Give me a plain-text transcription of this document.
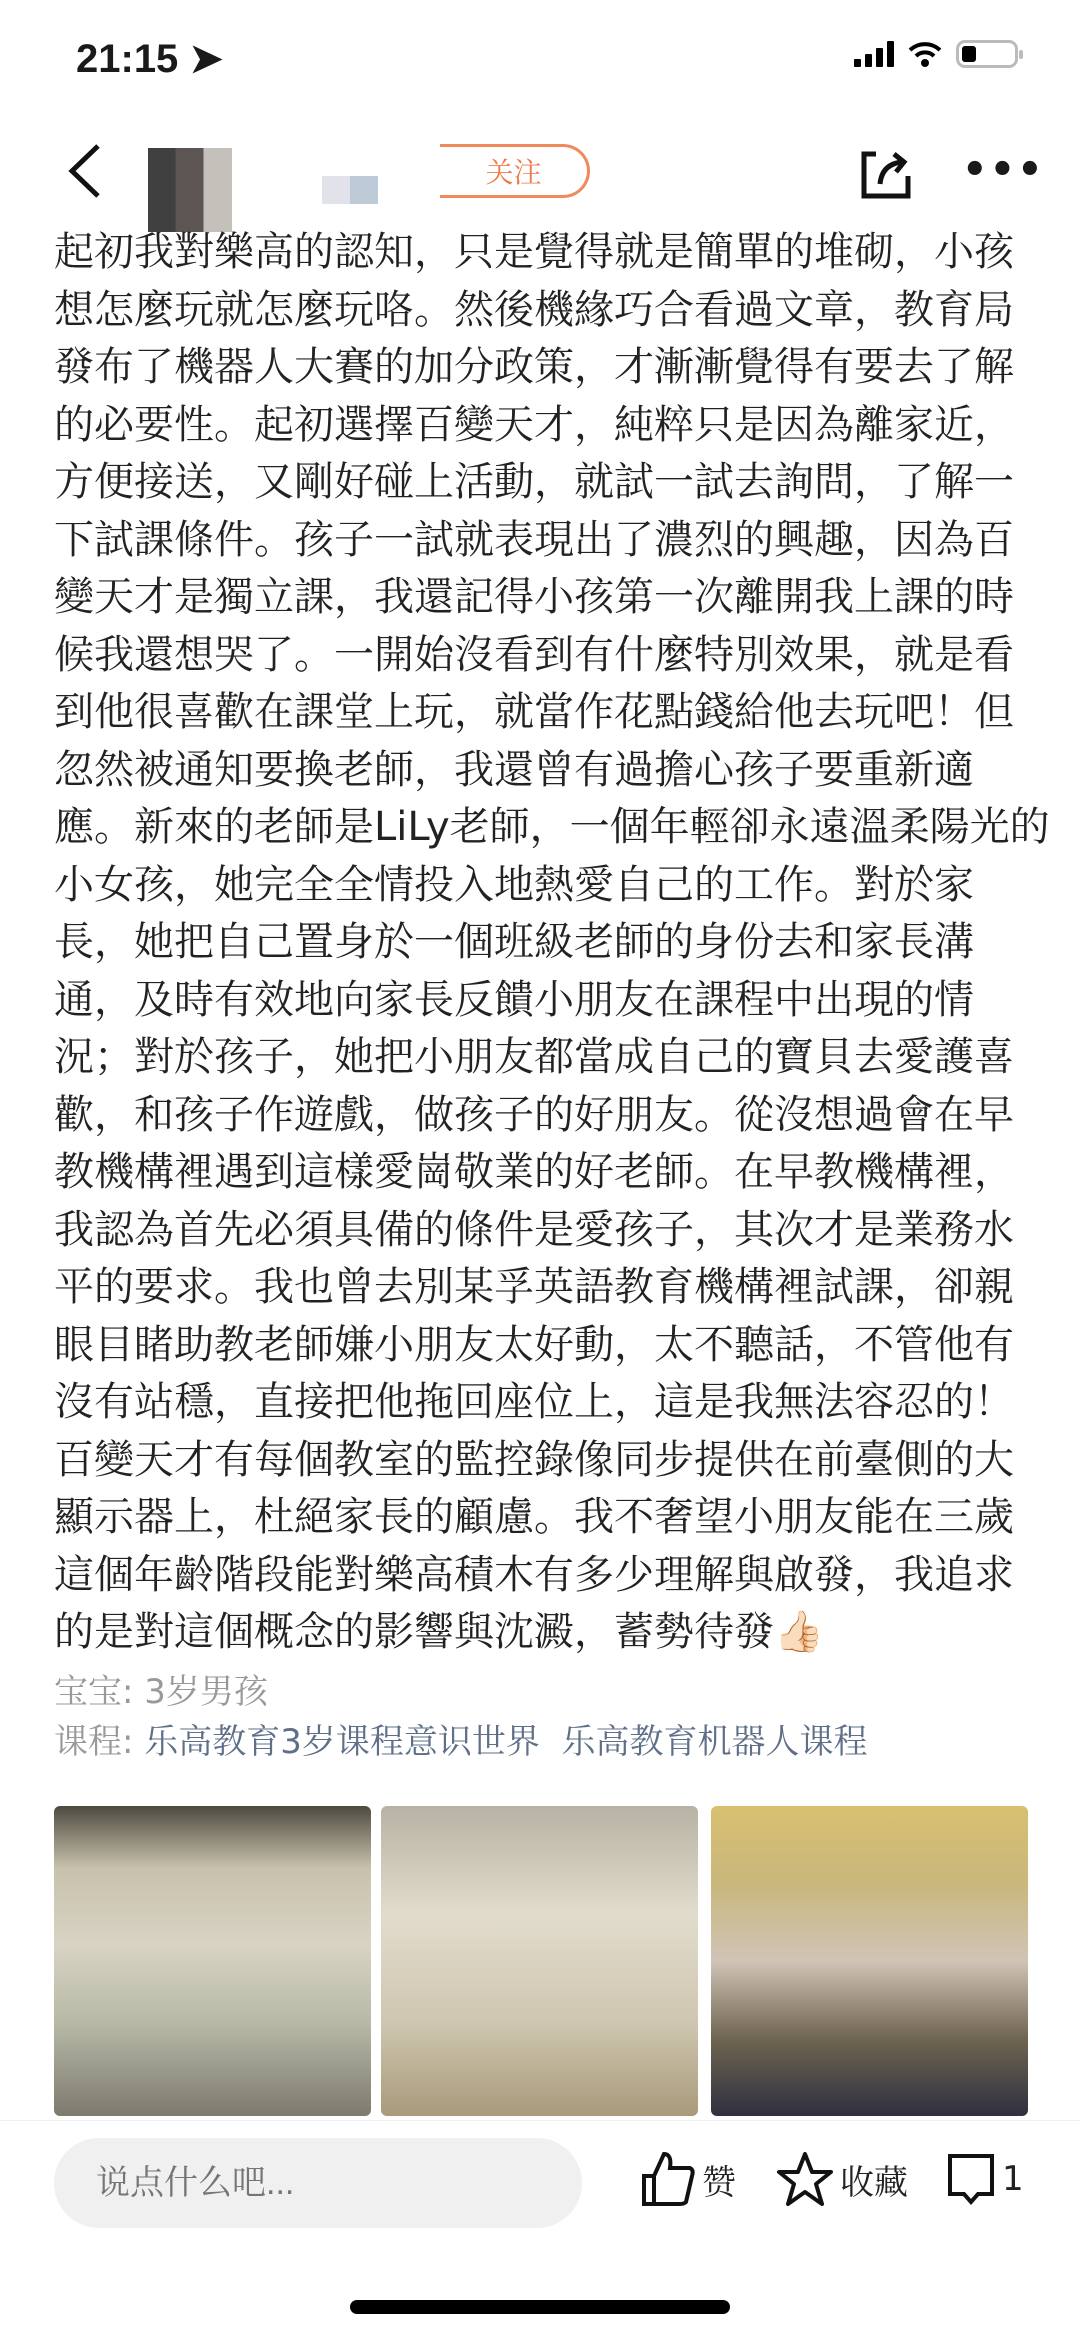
21:15 ➤
关注	•••
起初我對樂高的認知，只是覺得就是簡單的堆砌，小孩
想怎麼玩就怎麼玩咯。然後機緣巧合看過文章，教育局
發布了機器人大賽的加分政策，才漸漸覺得有要去了解
的必要性。起初選擇百變天才，純粹只是因為離家近，
方便接送，又剛好碰上活動，就試一試去詢問，了解一
下試課條件。孩子一試就表現出了濃烈的興趣，因為百
變天才是獨立課，我還記得小孩第一次離開我上課的時
候我還想哭了。一開始沒看到有什麼特別效果，就是看
到他很喜歡在課堂上玩，就當作花點錢給他去玩吧！但
忽然被通知要換老師，我還曾有過擔心孩子要重新適
應。新來的老師是LiLy老師，一個年輕卻永遠溫柔陽光的
小女孩，她完全全情投入地熱愛自己的工作。對於家
長，她把自己置身於一個班級老師的身份去和家長溝
通，及時有效地向家長反饋小朋友在課程中出現的情
況；對於孩子，她把小朋友都當成自己的寶貝去愛護喜
歡，和孩子作遊戲，做孩子的好朋友。從沒想過會在早
教機構裡遇到這樣愛崗敬業的好老師。在早教機構裡，
我認為首先必須具備的條件是愛孩子，其次才是業務水
平的要求。我也曾去別某孚英語教育機構裡試課，卻親
眼目睹助教老師嫌小朋友太好動，太不聽話，不管他有
沒有站穩，直接把他拖回座位上，這是我無法容忍的！
百變天才有每個教室的監控錄像同步提供在前臺側的大
顯示器上，杜絕家長的顧慮。我不奢望小朋友能在三歲
這個年齡階段能對樂高積木有多少理解與啟發，我追求
的是對這個概念的影響與沈澱，蓄勢待發👍🏻
宝宝: 3岁男孩
课程: 乐高教育3岁课程意识世界 乐高教育机器人课程
说点什么吧...
赞	收藏	1
